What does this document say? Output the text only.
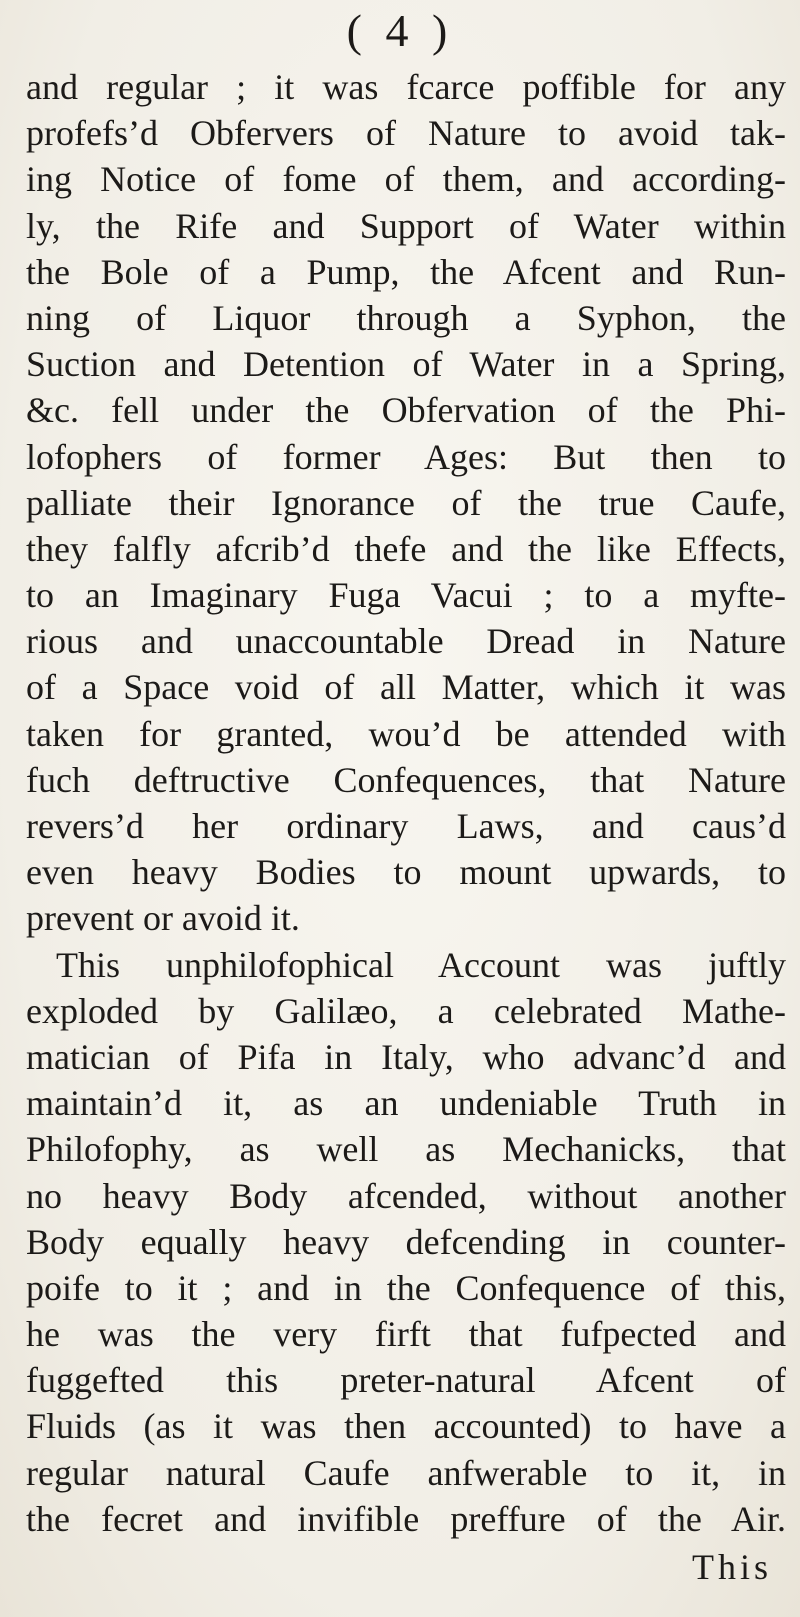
( 4 )
and regular ; it was fcarce poffible for any
profefs’d Obfervers of Nature to avoid tak-
ing Notice of fome of them, and according-
ly, the Rife and Support of Water within
the Bole of a Pump, the Afcent and Run-
ning of Liquor through a Syphon, the
Suction and Detention of Water in a Spring,
&c. fell under the Obfervation of the Phi-
lofophers of former Ages: But then to
palliate their Ignorance of the true Caufe,
they falfly afcrib’d thefe and the like Effects,
to an Imaginary Fuga Vacui ; to a myfte-
rious and unaccountable Dread in Nature
of a Space void of all Matter, which it was
taken for granted, wou’d be attended with
fuch deftructive Confequences, that Nature
revers’d her ordinary Laws, and caus’d
even heavy Bodies to mount upwards, to
prevent or avoid it.
This unphilofophical Account was juftly
exploded by Galilæo, a celebrated Mathe-
matician of Pifa in Italy, who advanc’d and
maintain’d it, as an undeniable Truth in
Philofophy, as well as Mechanicks, that
no heavy Body afcended, without another
Body equally heavy defcending in counter-
poife to it ; and in the Confequence of this,
he was the very firft that fufpected and
fuggefted this preter-natural Afcent of
Fluids (as it was then accounted) to have a
regular natural Caufe anfwerable to it, in
the fecret and invifible preffure of the Air.
This
